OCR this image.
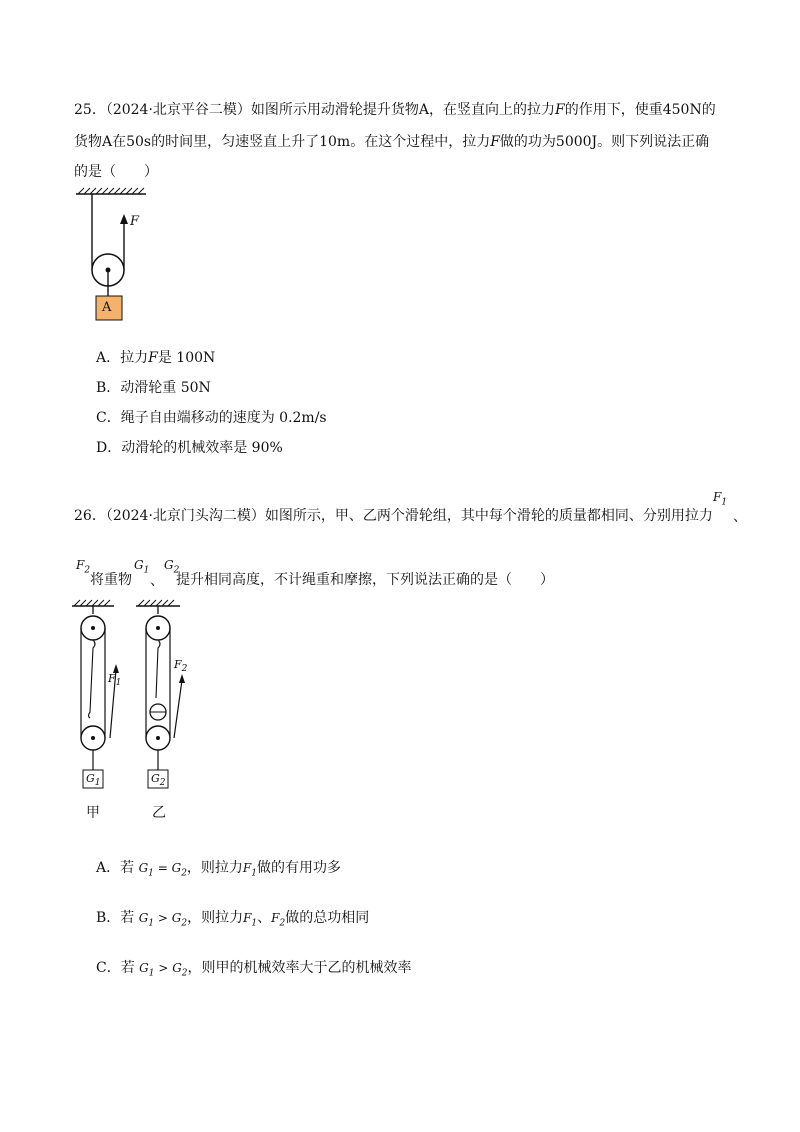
25．（2024·北京平谷二模）如图所示用动滑轮提升货物A，在竖直向上的拉力F的作用下，使重450N的
货物A在50s的时间里，匀速竖直上升了10m。在这个过程中，拉力F做的功为5000J。则下列说法正确
的是（　　）
F
A
A．拉力F是 100N
B．动滑轮重 50N
C．绳子自由端移动的速度为 0.2m/s
D．动滑轮的机械效率是 90%
26．（2024·北京门头沟二模）如图所示，甲、乙两个滑轮组，其中每个滑轮的质量都相同、分别用拉力
$F_1$
、
$F_2$
将重物
$G_1$
、
$G_2$
提升相同高度，不计绳重和摩擦，下列说法正确的是（　　）
$F_1$
$F_2$
$G_1$	$G_2$
甲	乙
A．若 $G_1 = G_2$，则拉力$F_1$做的有用功多
B．若 $G_1 > G_2$，则拉力$F_1$、$F_2$做的总功相同
C．若 $G_1 > G_2$，则甲的机械效率大于乙的机械效率
